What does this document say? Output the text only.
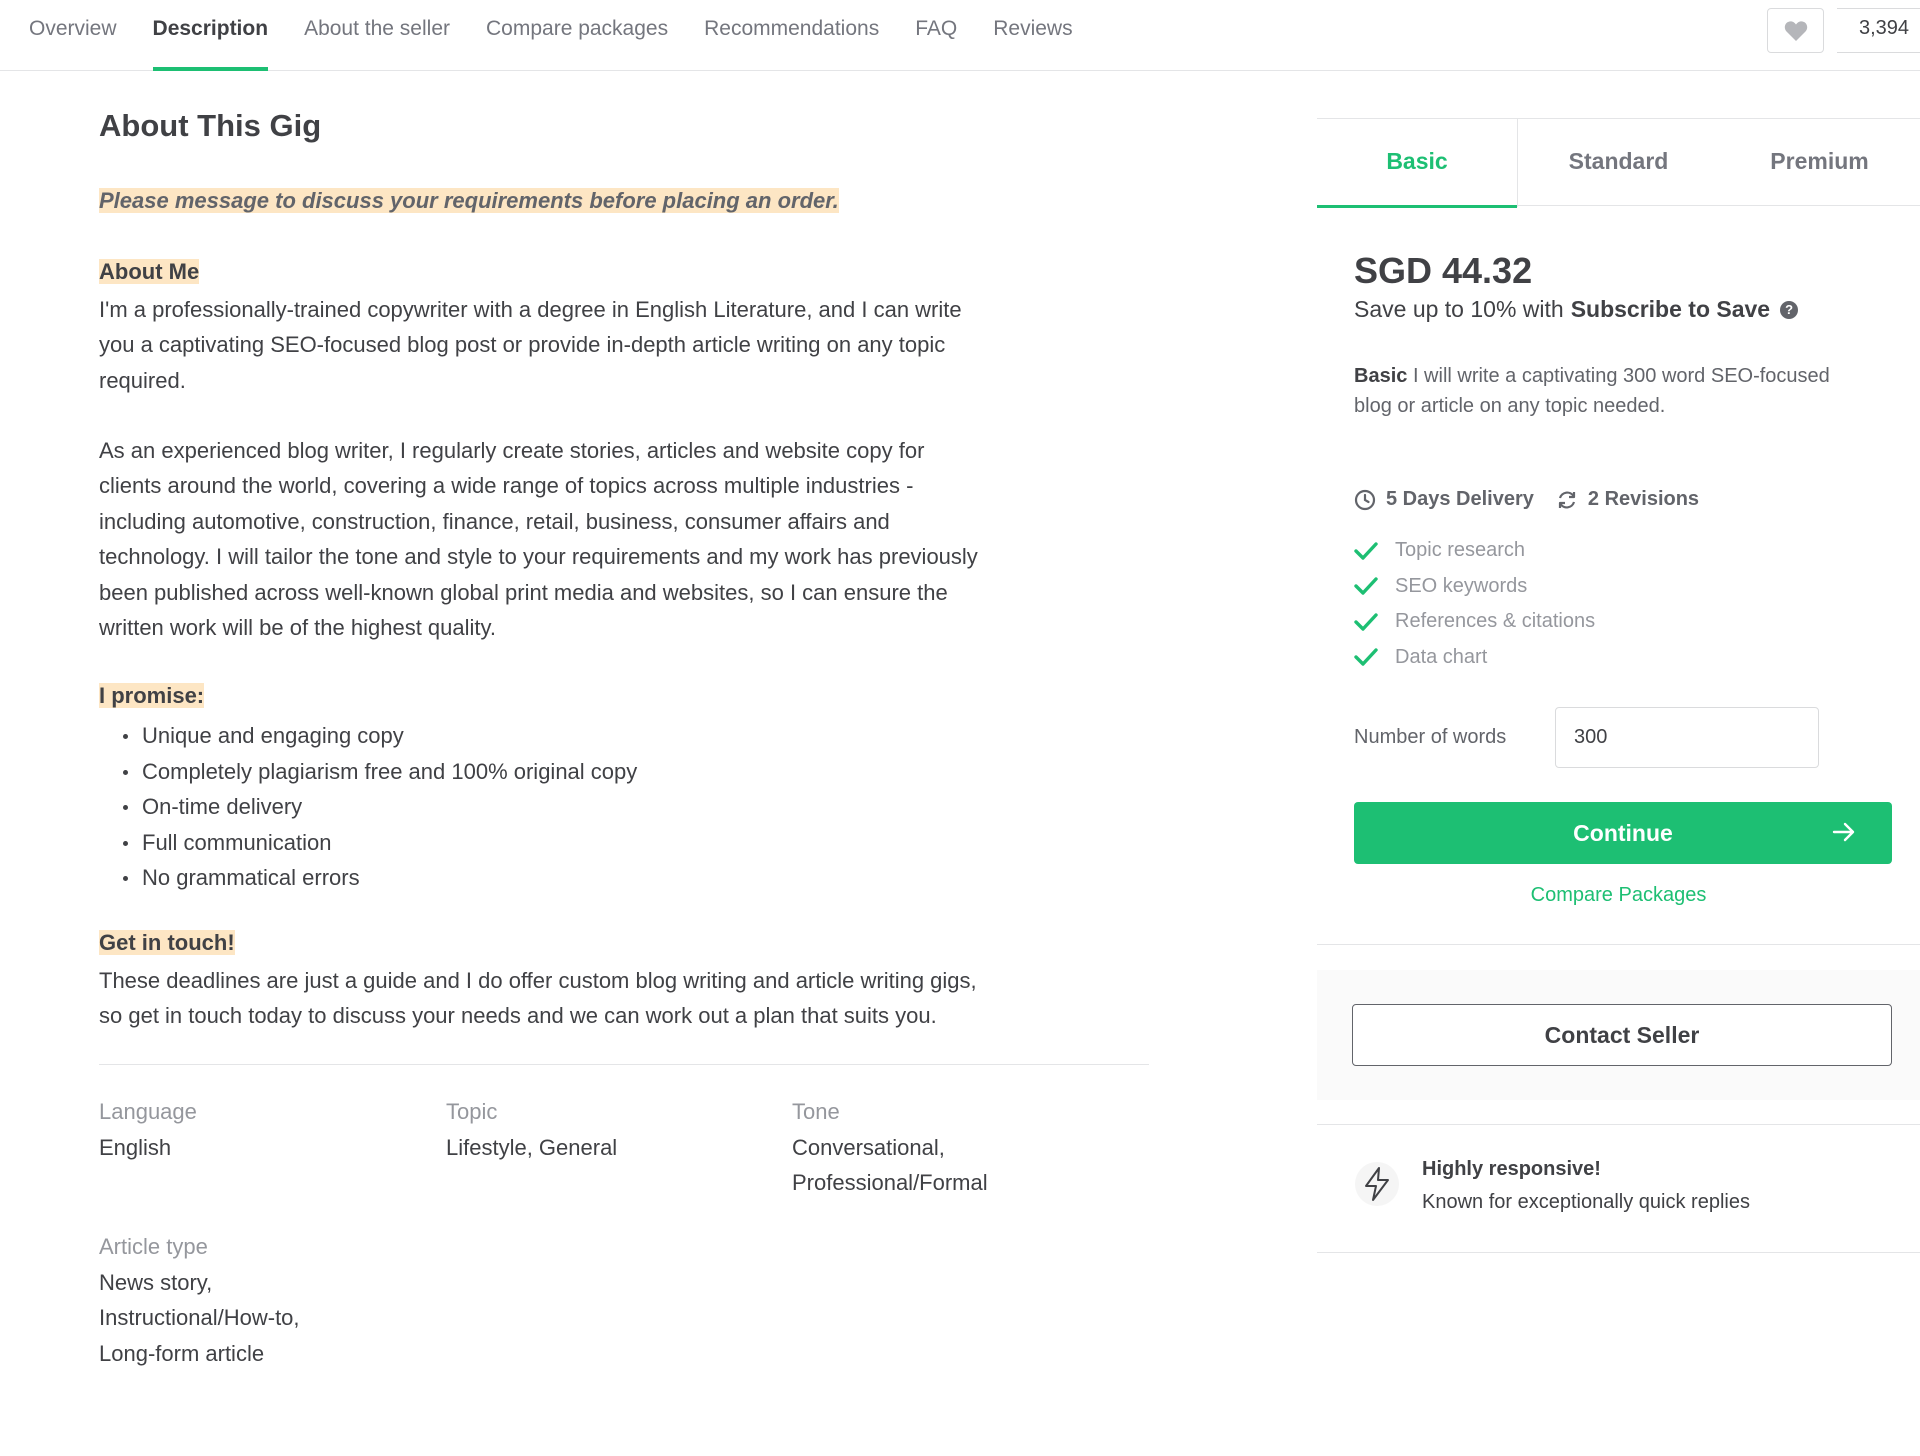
Overview Description About the seller Compare packages Recommendations FAQ Reviews	3,394
About This Gig
Please message to discuss your requirements before placing an order.
About Me
I'm a professionally-trained copywriter with a degree in English Literature, and I can write
you a captivating SEO-focused blog post or provide in-depth article writing on any topic
required.
As an experienced blog writer, I regularly create stories, articles and website copy for
clients around the world, covering a wide range of topics across multiple industries -
including automotive, construction, finance, retail, business, consumer affairs and
technology. I will tailor the tone and style to your requirements and my work has previously
been published across well-known global print media and websites, so I can ensure the
written work will be of the highest quality.
I promise:
Unique and engaging copy
Completely plagiarism free and 100% original copy
On-time delivery
Full communication
No grammatical errors
Get in touch!
These deadlines are just a guide and I do offer custom blog writing and article writing gigs,
so get in touch today to discuss your needs and we can work out a plan that suits you.
Language
English
Topic
Lifestyle, General
Tone
Conversational,
Professional/Formal
Article type
News story,
Instructional/How-to,
Long-form article
Basic	Standard	Premium
SGD 44.32
Save up to 10% with Subscribe to Save	?
Basic I will write a captivating 300 word SEO-focused
blog or article on any topic needed.
5 Days Delivery	2 Revisions
Topic research
SEO keywords
References & citations
Data chart
Number of words
300
Continue
Compare Packages
Contact Seller
Highly responsive!
Known for exceptionally quick replies
